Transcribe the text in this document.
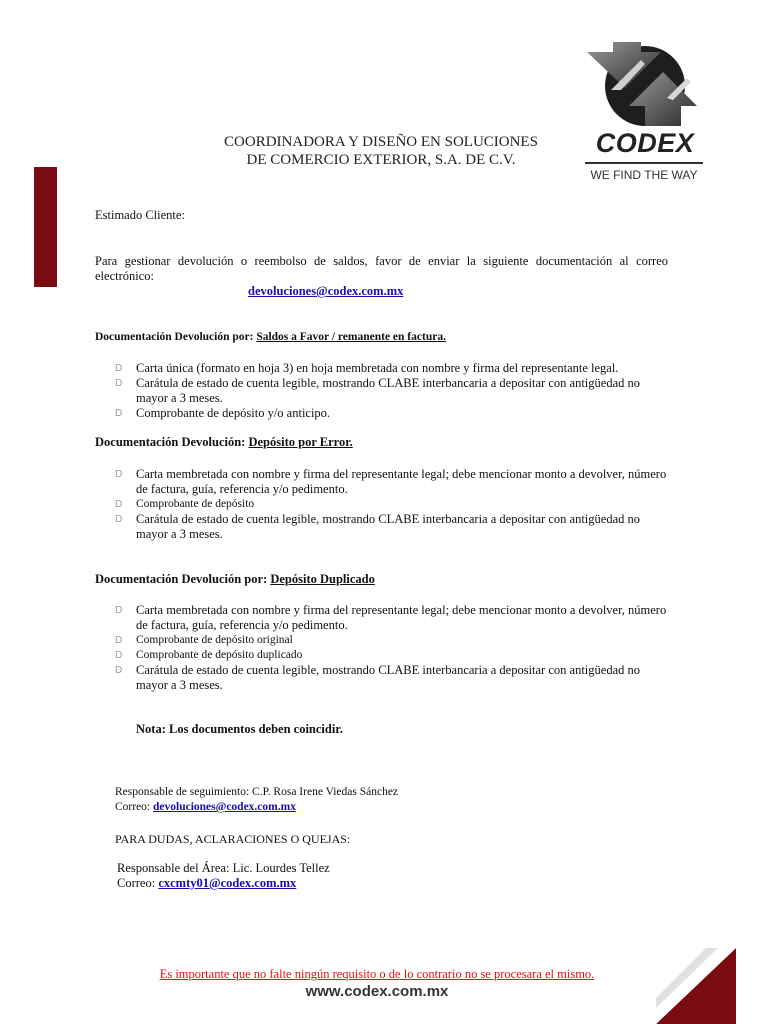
COORDINADORA Y DISEÑO EN SOLUCIONES
DE COMERCIO EXTERIOR, S.A. DE C.V.
CODEX
WE FIND THE WAY
Estimado Cliente:
Para gestionar devolución o reembolso de saldos, favor de enviar la siguiente documentación al correo electrónico:
devoluciones@codex.com.mx
Documentación Devolución por: Saldos a Favor / remanente en factura.
D Carta única (formato en hoja 3) en hoja membretada con nombre y firma del representante legal.
D Carátula de estado de cuenta legible, mostrando CLABE interbancaria a depositar con antigüedad no mayor a 3 meses.
D Comprobante de depósito y/o anticipo.
Documentación Devolución: Depósito por Error.
D Carta membretada con nombre y firma del representante legal; debe mencionar monto a devolver, número de factura, guía, referencia y/o pedimento.
D Comprobante de depósito
D Carátula de estado de cuenta legible, mostrando CLABE interbancaria a depositar con antigüedad no mayor a 3 meses.
Documentación Devolución por: Depósito Duplicado
D Carta membretada con nombre y firma del representante legal; debe mencionar monto a devolver, número de factura, guía, referencia y/o pedimento.
D Comprobante de depósito original
D Comprobante de depósito duplicado
D Carátula de estado de cuenta legible, mostrando CLABE interbancaria a depositar con antigüedad no mayor a 3 meses.
Nota: Los documentos deben coincidir.
Responsable de seguimiento: C.P. Rosa Irene Viedas Sánchez
Correo: devoluciones@codex.com.mx
PARA DUDAS, ACLARACIONES O QUEJAS:
Responsable del Área: Lic. Lourdes Tellez
Correo: cxcmty01@codex.com.mx
Es importante que no falte ningún requisito o de lo contrario no se procesara el mismo.
www.codex.com.mx
